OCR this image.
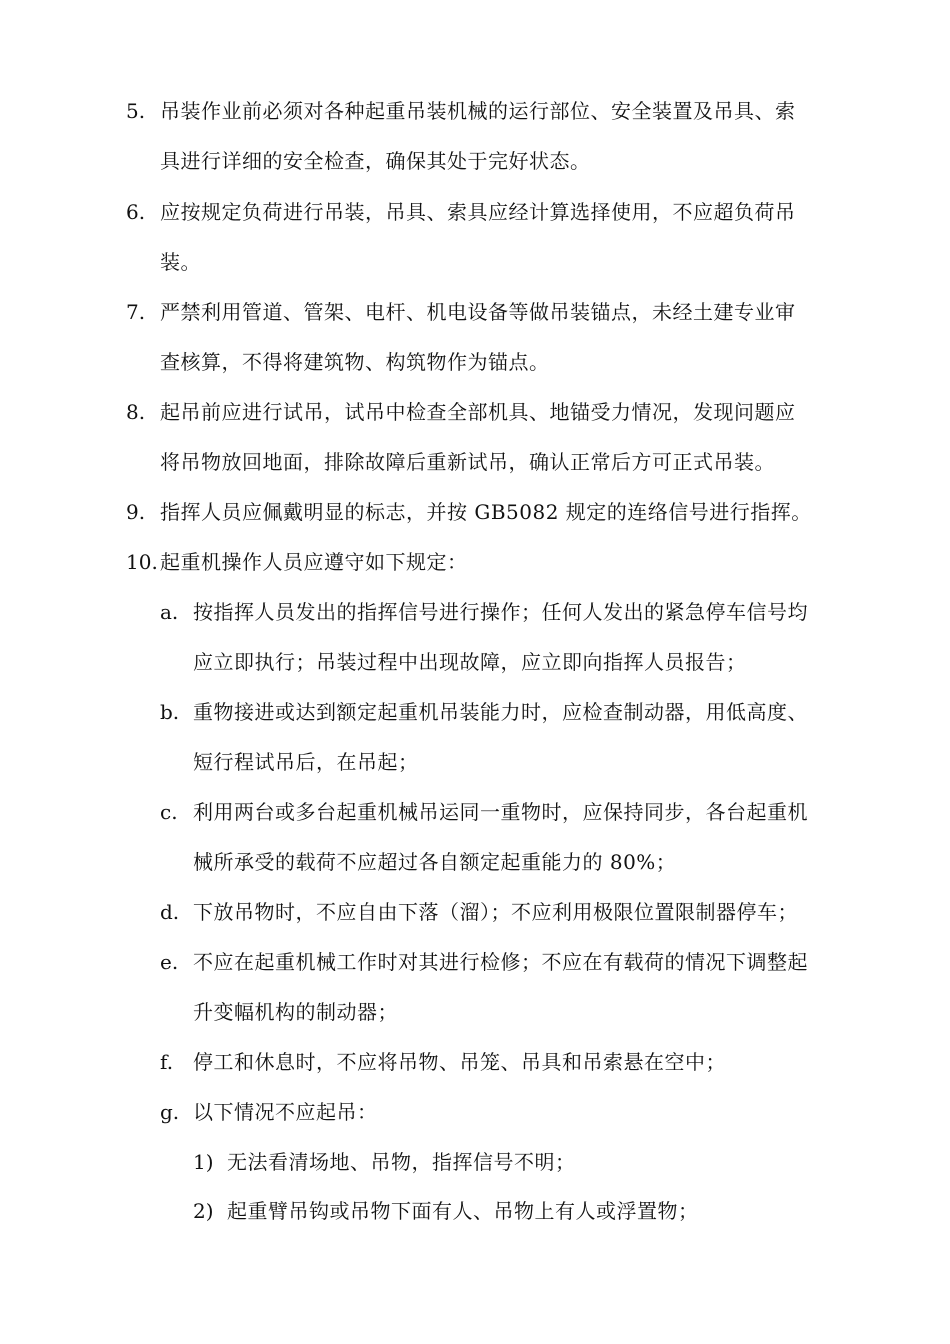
5. 吊装作业前必须对各种起重吊装机械的运行部位、安全装置及吊具、索
具进行详细的安全检查，确保其处于完好状态。
6. 应按规定负荷进行吊装，吊具、索具应经计算选择使用，不应超负荷吊
装。
7. 严禁利用管道、管架、电杆、机电设备等做吊装锚点，未经土建专业审
查核算，不得将建筑物、构筑物作为锚点。
8. 起吊前应进行试吊，试吊中检查全部机具、地锚受力情况，发现问题应
将吊物放回地面，排除故障后重新试吊，确认正常后方可正式吊装。
9. 指挥人员应佩戴明显的标志，并按 GB5082 规定的连络信号进行指挥。
10. 起重机操作人员应遵守如下规定：
a. 按指挥人员发出的指挥信号进行操作；任何人发出的紧急停车信号均
应立即执行；吊装过程中出现故障，应立即向指挥人员报告；
b. 重物接进或达到额定起重机吊装能力时，应检查制动器，用低高度、
短行程试吊后，在吊起；
c. 利用两台或多台起重机械吊运同一重物时，应保持同步，各台起重机
械所承受的载荷不应超过各自额定起重能力的 80%；
d. 下放吊物时，不应自由下落（溜）；不应利用极限位置限制器停车；
e. 不应在起重机械工作时对其进行检修；不应在有载荷的情况下调整起
升变幅机构的制动器；
f. 停工和休息时，不应将吊物、吊笼、吊具和吊索悬在空中；
g. 以下情况不应起吊：
1) 无法看清场地、吊物，指挥信号不明；
2) 起重臂吊钩或吊物下面有人、吊物上有人或浮置物；
